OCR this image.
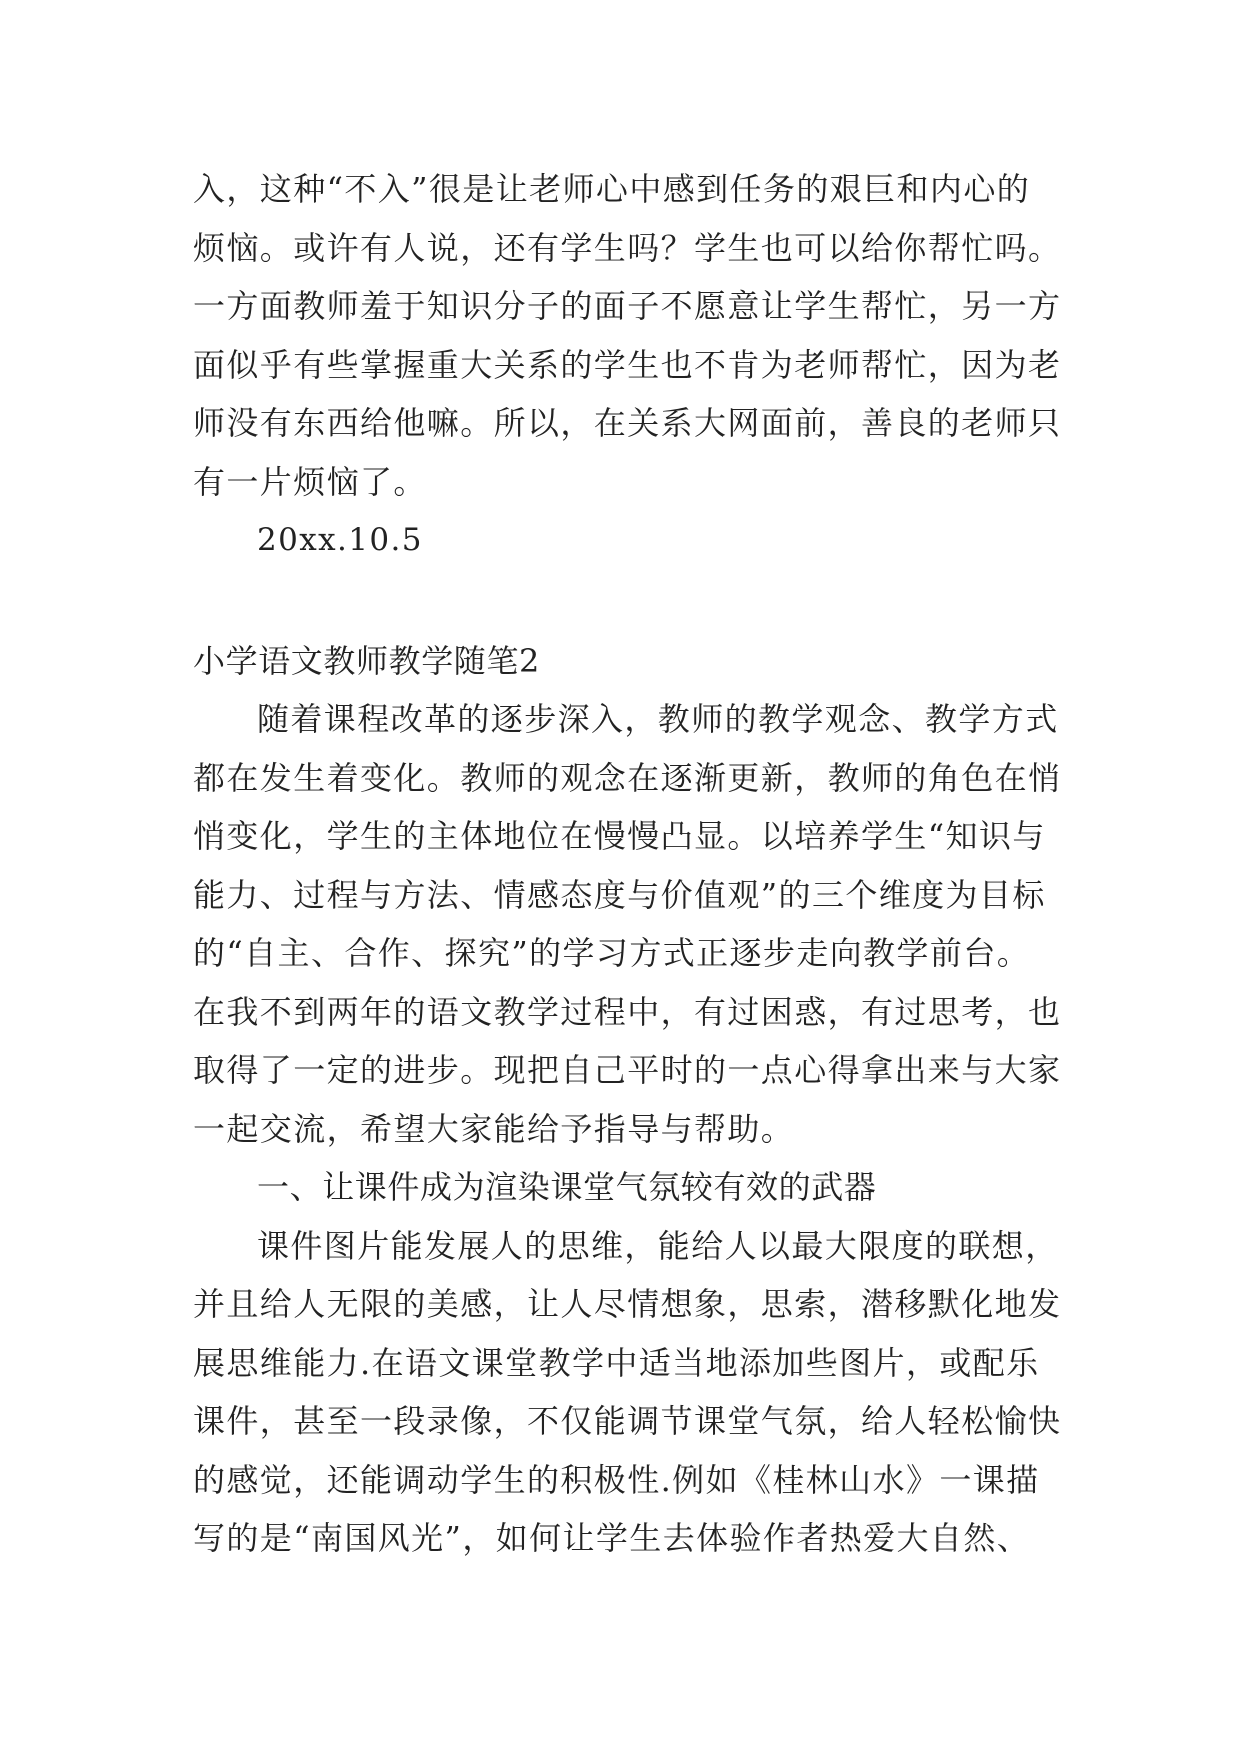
入，这种“不入”很是让老师心中感到任务的艰巨和内心的

烦恼。或许有人说，还有学生吗？学生也可以给你帮忙吗。

一方面教师羞于知识分子的面子不愿意让学生帮忙，另一方

面似乎有些掌握重大关系的学生也不肯为老师帮忙，因为老

师没有东西给他嘛。所以，在关系大网面前，善良的老师只

有一片烦恼了。

20xx.10.5

小学语文教师教学随笔2

随着课程改革的逐步深入，教师的教学观念、教学方式

都在发生着变化。教师的观念在逐渐更新，教师的角色在悄

悄变化，学生的主体地位在慢慢凸显。以培养学生“知识与

能力、过程与方法、情感态度与价值观”的三个维度为目标

的“自主、合作、探究”的学习方式正逐步走向教学前台。

在我不到两年的语文教学过程中，有过困惑，有过思考，也

取得了一定的进步。现把自己平时的一点心得拿出来与大家

一起交流，希望大家能给予指导与帮助。

一、让课件成为渲染课堂气氛较有效的武器

课件图片能发展人的思维，能给人以最大限度的联想，

并且给人无限的美感，让人尽情想象，思索，潜移默化地发

展思维能力.在语文课堂教学中适当地添加些图片，或配乐

课件，甚至一段录像，不仅能调节课堂气氛，给人轻松愉快

的感觉，还能调动学生的积极性.例如《桂林山水》一课描

写的是“南国风光”，如何让学生去体验作者热爱大自然、
